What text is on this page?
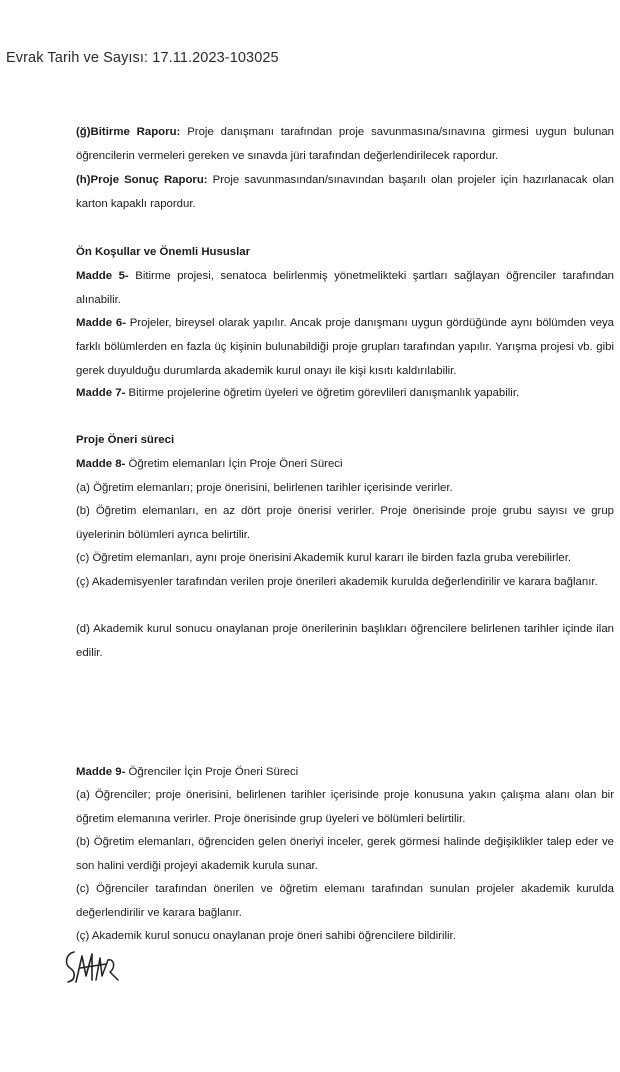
Evrak Tarih ve Sayısı: 17.11.2023-103025
(ğ)Bitirme Raporu: Proje danışmanı tarafından proje savunmasına/sınavına girmesi uygun bulunan öğrencilerin vermeleri gereken ve sınavda jüri tarafından değerlendirilecek rapordur.
(h)Proje Sonuç Raporu: Proje savunmasından/sınavından başarılı olan projeler için hazırlanacak olan karton kapaklı rapordur.
Ön Koşullar ve Önemli Hususlar
Madde 5- Bitirme projesi, senatoca belirlenmiş yönetmelikteki şartları sağlayan öğrenciler tarafından alınabilir.
Madde 6- Projeler, bireysel olarak yapılır. Ancak proje danışmanı uygun gördüğünde aynı bölümden veya farklı bölümlerden en fazla üç kişinin bulunabildiği proje grupları tarafından yapılır. Yarışma projesi vb. gibi gerek duyulduğu durumlarda akademik kurul onayı ile kişi kısıtı kaldırılabilir.
Madde 7- Bitirme projelerine öğretim üyeleri ve öğretim görevlileri danışmanlık yapabilir.
Proje Öneri süreci
Madde 8- Öğretim elemanları İçin Proje Öneri Süreci
(a) Öğretim elemanları; proje önerisini, belirlenen tarihler içerisinde verirler.
(b) Öğretim elemanları, en az dört proje önerisi verirler. Proje önerisinde proje grubu sayısı ve grup üyelerinin bölümleri ayrıca belirtilir.
(c) Öğretim elemanları, aynı proje önerisini Akademik kurul kararı ile birden fazla gruba verebilirler.
(ç) Akademisyenler tarafından verilen proje önerileri akademik kurulda değerlendirilir ve karara bağlanır.
(d) Akademik kurul sonucu onaylanan proje önerilerinin başlıkları öğrencilere belirlenen tarihler içinde ilan edilir.
Madde 9- Öğrenciler İçin Proje Öneri Süreci
(a) Öğrenciler; proje önerisini, belirlenen tarihler içerisinde proje konusuna yakın çalışma alanı olan bir öğretim elemanına verirler. Proje önerisinde grup üyeleri ve bölümleri belirtilir.
(b) Öğretim elemanları, öğrenciden gelen öneriyi inceler, gerek görmesi halinde değişiklikler talep eder ve son halini verdiği projeyi akademik kurula sunar.
(c) Öğrenciler tarafından önerilen ve öğretim elemanı tarafından sunulan projeler akademik kurulda değerlendirilir ve karara bağlanır.
(ç) Akademik kurul sonucu onaylanan proje öneri sahibi öğrencilere bildirilir.
